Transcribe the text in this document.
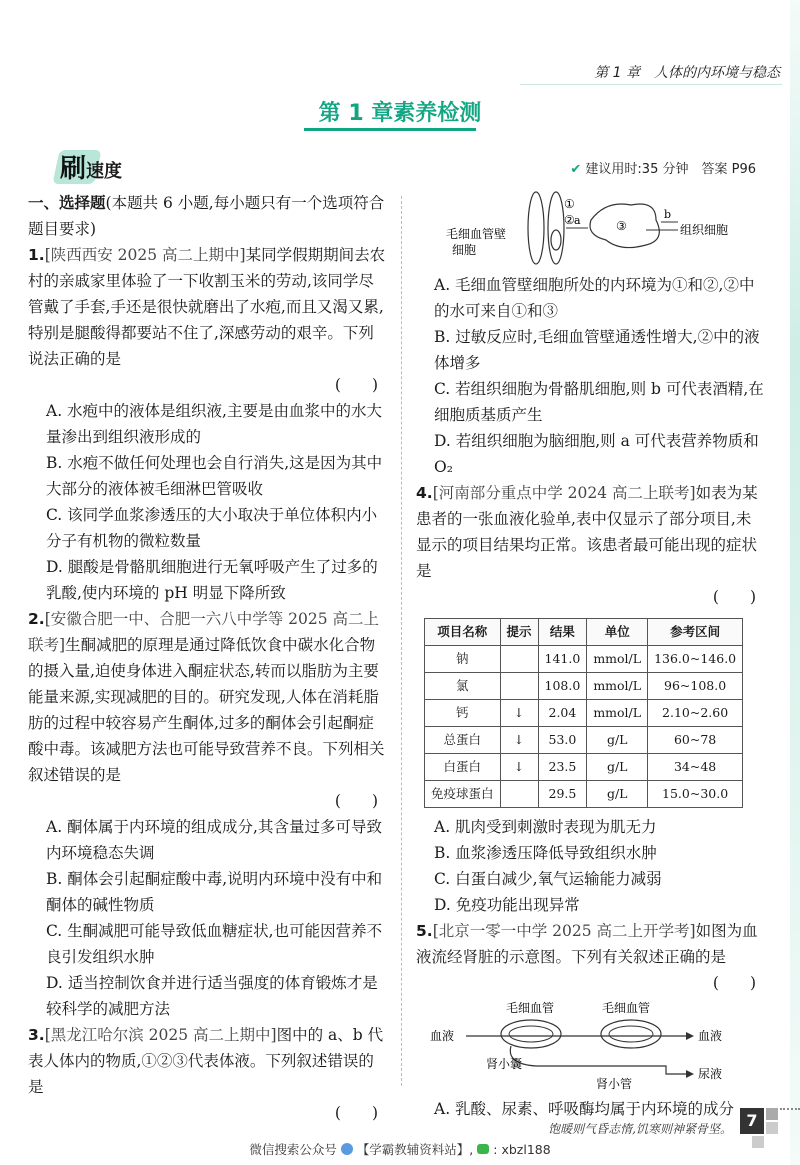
第 1 章　人体的内环境与稳态
第 1 章素养检测
刷速度	✔ 建议用时:35 分钟　答案 P96

一、选择题(本题共 6 小题,每小题只有一个选项符合题目要求)

1.[陕西西安 2025 高二上期中]某同学假期期间去农村的亲戚家里体验了一下收割玉米的劳动,该同学尽管戴了手套,手还是很快就磨出了水疱,而且又渴又累,特别是腿酸得都要站不住了,深感劳动的艰辛。下列说法正确的是

(　　)

A. 水疱中的液体是组织液,主要是由血浆中的水大量渗出到组织液形成的

B. 水疱不做任何处理也会自行消失,这是因为其中大部分的液体被毛细淋巴管吸收

C. 该同学血浆渗透压的大小取决于单位体积内小分子有机物的微粒数量

D. 腿酸是骨骼肌细胞进行无氧呼吸产生了过多的乳酸,使内环境的 pH 明显下降所致

2.[安徽合肥一中、合肥一六八中学等 2025 高二上联考]生酮减肥的原理是通过降低饮食中碳水化合物的摄入量,迫使身体进入酮症状态,转而以脂肪为主要能量来源,实现减肥的目的。研究发现,人体在消耗脂肪的过程中较容易产生酮体,过多的酮体会引起酮症酸中毒。该减肥方法也可能导致营养不良。下列相关叙述错误的是

(　　)

A. 酮体属于内环境的组成成分,其含量过多可导致内环境稳态失调

B. 酮体会引起酮症酸中毒,说明内环境中没有中和酮体的碱性物质

C. 生酮减肥可能导致低血糖症状,也可能因营养不良引发组织水肿

D. 适当控制饮食并进行适当强度的体育锻炼才是较科学的减肥方法

3.[黑龙江哈尔滨 2025 高二上期中]图中的 a、b 代表人体内的物质,①②③代表体液。下列叙述错误的是

(　　)

①
②	③
a	b
组织细胞
毛细血管壁
细胞

A. 毛细血管壁细胞所处的内环境为①和②,②中的水可来自①和③

B. 过敏反应时,毛细血管壁通透性增大,②中的液体增多

C. 若组织细胞为骨骼肌细胞,则 b 可代表酒精,在细胞质基质产生

D. 若组织细胞为脑细胞,则 a 可代表营养物质和 O₂

4.[河南部分重点中学 2024 高二上联考]如表为某患者的一张血液化验单,表中仅显示了部分项目,未显示的项目结果均正常。该患者最可能出现的症状是

(　　)

项目名称	提示	结果	单位	参考区间
钠		141.0	mmol/L	136.0~146.0
氯		108.0	mmol/L	96~108.0
钙	↓	2.04	mmol/L	2.10~2.60
总蛋白	↓	53.0	g/L	60~78
白蛋白	↓	23.5	g/L	34~48
免疫球蛋白		29.5	g/L	15.0~30.0

A. 肌肉受到刺激时表现为肌无力

B. 血浆渗透压降低导致组织水肿

C. 白蛋白减少,氧气运输能力减弱

D. 免疫功能出现异常

5.[北京一零一中学 2025 高二上开学考]如图为血液流经肾脏的示意图。下列有关叙述正确的是

(　　)

毛细血管	毛细血管
血液	血液
肾小囊
肾小管
尿液

A. 乳酸、尿素、呼吸酶均属于内环境的成分

饱暖则气昏志惰,饥寒则神紧骨坚。 7
微信搜索公众号 【学霸教辅资料站】, : xbzl188
